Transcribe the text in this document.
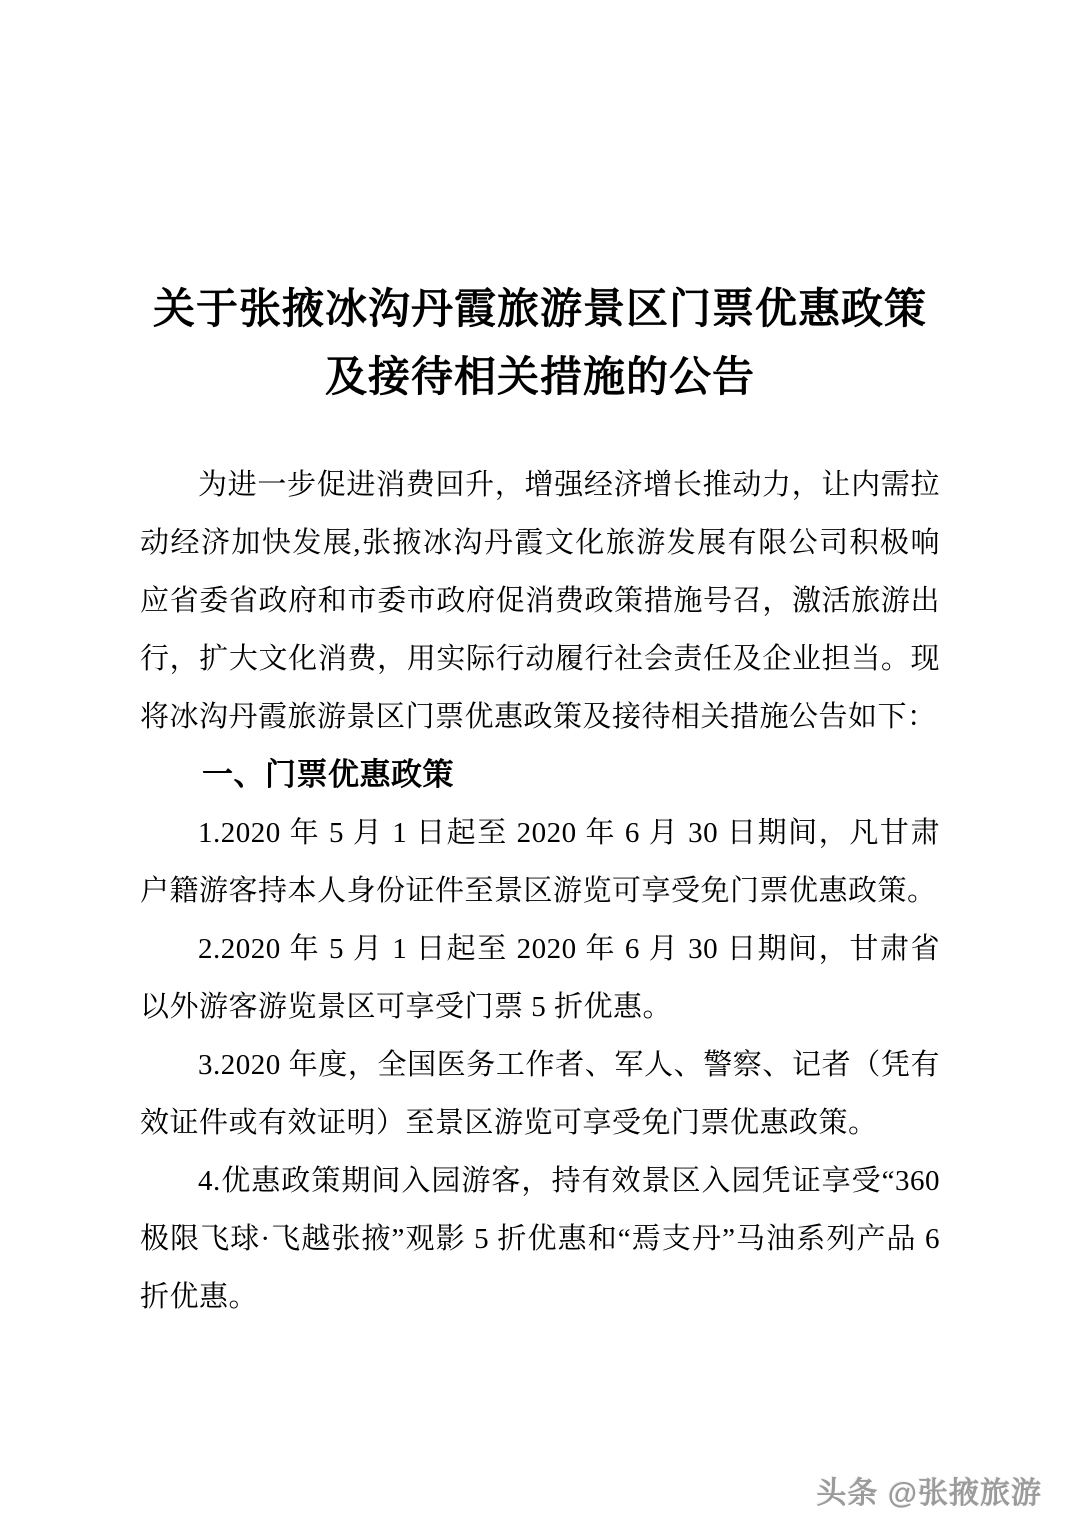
关于张掖冰沟丹霞旅游景区门票优惠政策
及接待相关措施的公告

为进一步促进消费回升，增强经济增长推动力，让内需拉动经济加快发展,张掖冰沟丹霞文化旅游发展有限公司积极响应省委省政府和市委市政府促消费政策措施号召，激活旅游出行，扩大文化消费，用实际行动履行社会责任及企业担当。现将冰沟丹霞旅游景区门票优惠政策及接待相关措施公告如下：

一、门票优惠政策

1.2020 年 5 月 1 日起至 2020 年 6 月 30 日期间，凡甘肃户籍游客持本人身份证件至景区游览可享受免门票优惠政策。

2.2020 年 5 月 1 日起至 2020 年 6 月 30 日期间，甘肃省以外游客游览景区可享受门票 5 折优惠。

3.2020 年度，全国医务工作者、军人、警察、记者（凭有效证件或有效证明）至景区游览可享受免门票优惠政策。

4.优惠政策期间入园游客，持有效景区入园凭证享受“360 极限飞球·飞越张掖”观影 5 折优惠和“焉支丹”马油系列产品 6 折优惠。

头条 @张掖旅游
